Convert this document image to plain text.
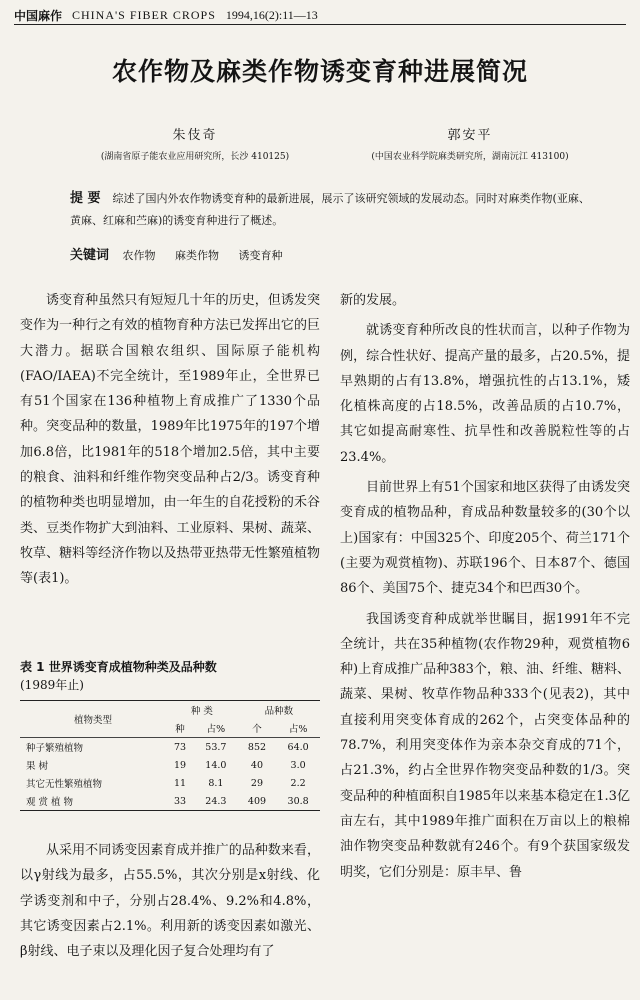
中国麻作 CHINA'S FIBER CROPS 1994,16(2):11—13
农作物及麻类作物诱变育种进展简况
朱伎奇
(湖南省原子能农业应用研究所，长沙 410125)
郭安平
(中国农业科学院麻类研究所，湖南沅江 413100)
提 要 综述了国内外农作物诱变育种的最新进展，展示了该研究领域的发展动态。同时对麻类作物(亚麻、黄麻、红麻和苎麻)的诱变育种进行了概述。
关键词 农作物 麻类作物 诱变育种

诱变育种虽然只有短短几十年的历史，但诱发突变作为一种行之有效的植物育种方法已发挥出它的巨大潜力。据联合国粮农组织、国际原子能机构(FAO/IAEA)不完全统计，至1989年止，全世界已有51个国家在136种植物上育成推广了1330个品种。突变品种的数量，1989年比1975年的197个增加6.8倍，比1981年的518个增加2.5倍，其中主要的粮食、油料和纤维作物突变品种占2/3。诱变育种的植物种类也明显增加，由一年生的自花授粉的禾谷类、豆类作物扩大到油料、工业原料、果树、蔬菜、牧草、糖料等经济作物以及热带亚热带无性繁殖植物等(表1)。

表 1 世界诱变育成植物种类及品种数
(1989年止)
植物类型	种 类		品种数	
	种	占%	个	占%
种子繁殖植物	73	53.7	852	64.0
果 树	19	14.0	40	3.0
其它无性繁殖植物	11	8.1	29	2.2
观 赏 植 物	33	24.3	409	30.8

从采用不同诱变因素育成并推广的品种数来看，以γ射线为最多，占55.5%，其次分别是x射线、化学诱变剂和中子，分别占28.4%、9.2%和4.8%，其它诱变因素占2.1%。利用新的诱变因素如激光、β射线、电子束以及理化因子复合处理均有了

新的发展。

就诱变育种所改良的性状而言，以种子作物为例，综合性状好、提高产量的最多，占20.5%，提早熟期的占有13.8%，增强抗性的占13.1%，矮化植株高度的占18.5%，改善品质的占10.7%，其它如提高耐寒性、抗旱性和改善脱粒性等的占23.4%。

目前世界上有51个国家和地区获得了由诱发突变育成的植物品种，育成品种数量较多的(30个以上)国家有：中国325个、印度205个、荷兰171个(主要为观赏植物)、苏联196个、日本87个、德国86个、美国75个、捷克34个和巴西30个。

我国诱变育种成就举世瞩目，据1991年不完全统计，共在35种植物(农作物29种，观赏植物6种)上育成推广品种383个，粮、油、纤维、糖料、蔬菜、果树、牧草作物品种333个(见表2)，其中直接利用突变体育成的262个，占突变体品种的78.7%，利用突变体作为亲本杂交育成的71个，占21.3%，约占全世界作物突变品种数的1/3。突变品种的种植面积自1985年以来基本稳定在1.3亿亩左右，其中1989年推广面积在万亩以上的粮棉油作物突变品种数就有246个。有9个获国家级发明奖，它们分别是：原丰早、鲁
